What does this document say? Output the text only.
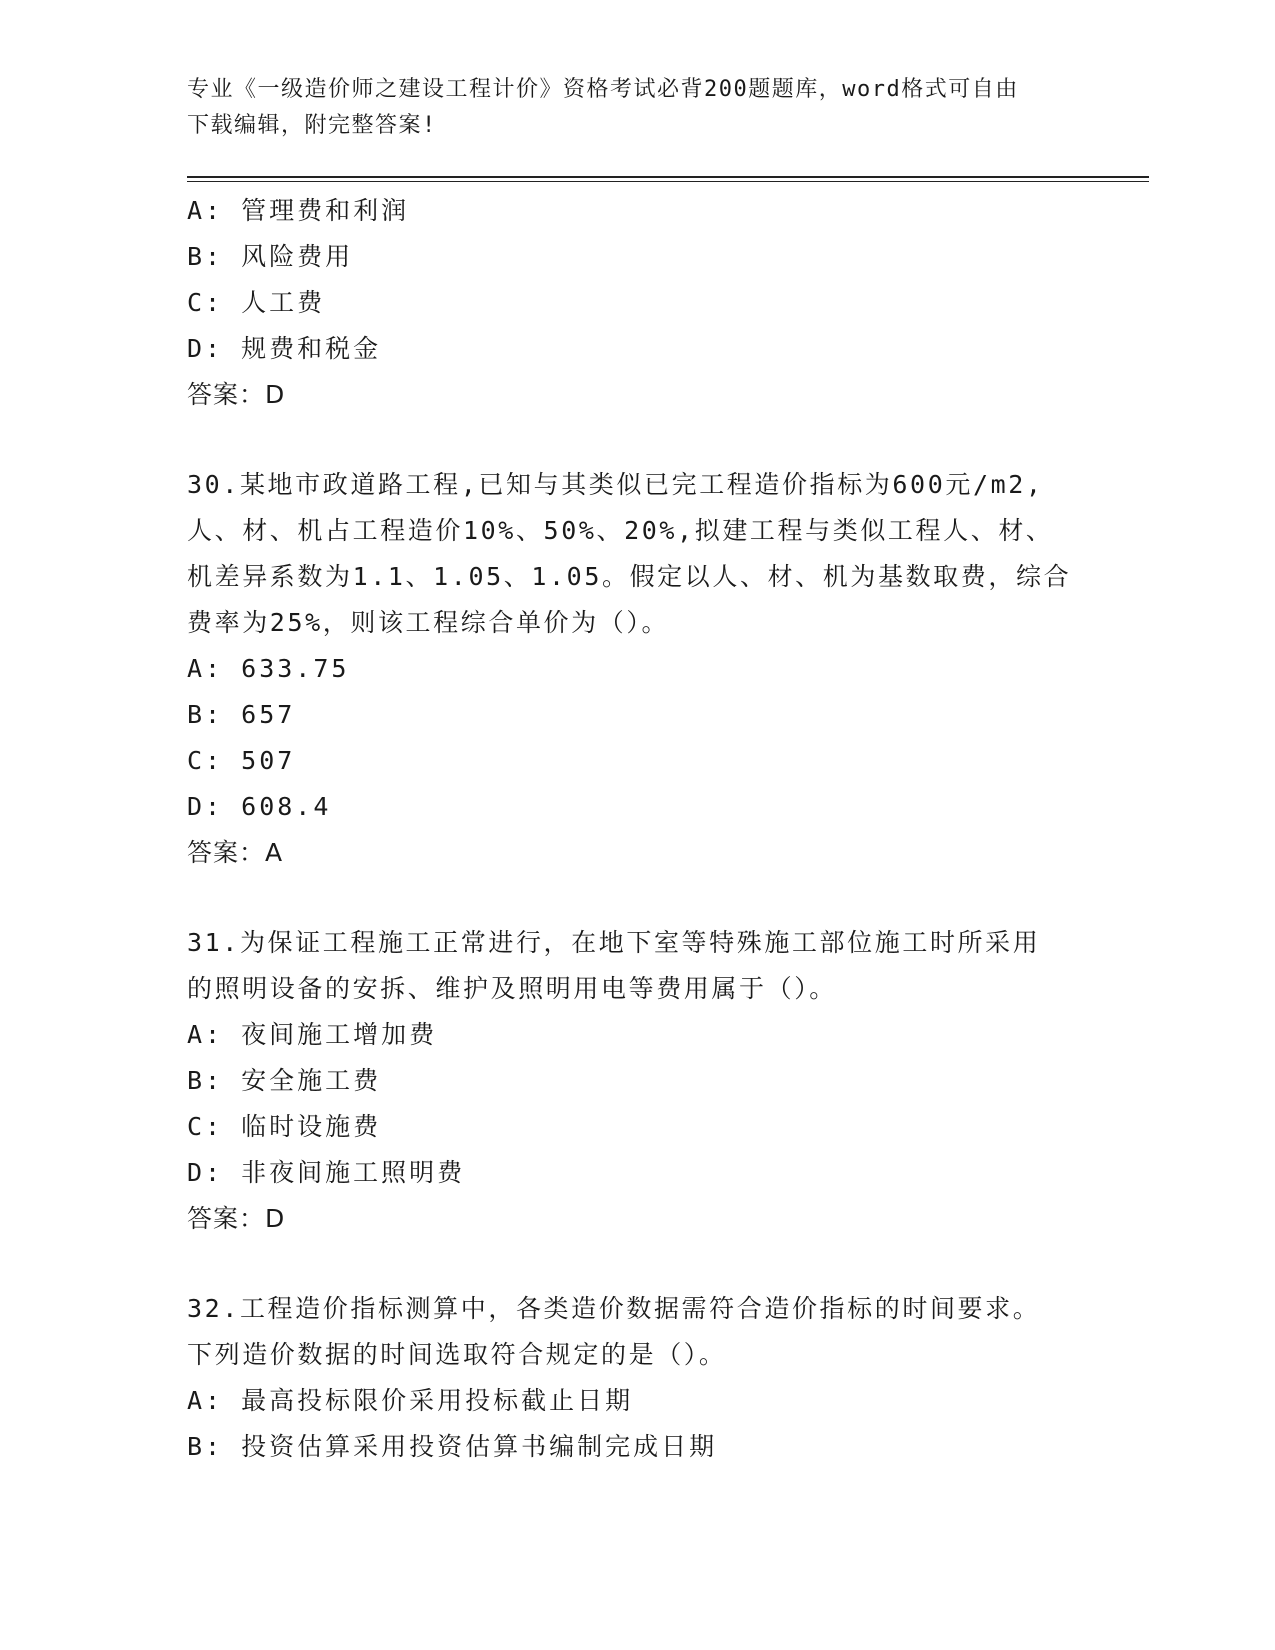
专业《一级造价师之建设工程计价》资格考试必背200题题库，word格式可自由
下载编辑，附完整答案!
A: 管理费和利润
B: 风险费用
C: 人工费
D: 规费和税金
答案：D
30.某地市政道路工程,已知与其类似已完工程造价指标为600元/m2,
人、材、机占工程造价10%、50%、20%,拟建工程与类似工程人、材、
机差异系数为1.1、1.05、1.05。假定以人、材、机为基数取费，综合
费率为25%，则该工程综合单价为（）。
A: 633.75
B: 657
C: 507
D: 608.4
答案：A
31.为保证工程施工正常进行，在地下室等特殊施工部位施工时所采用
的照明设备的安拆、维护及照明用电等费用属于（）。
A: 夜间施工增加费
B: 安全施工费
C: 临时设施费
D: 非夜间施工照明费
答案：D
32.工程造价指标测算中，各类造价数据需符合造价指标的时间要求。
下列造价数据的时间选取符合规定的是（）。
A: 最高投标限价采用投标截止日期
B: 投资估算采用投资估算书编制完成日期
